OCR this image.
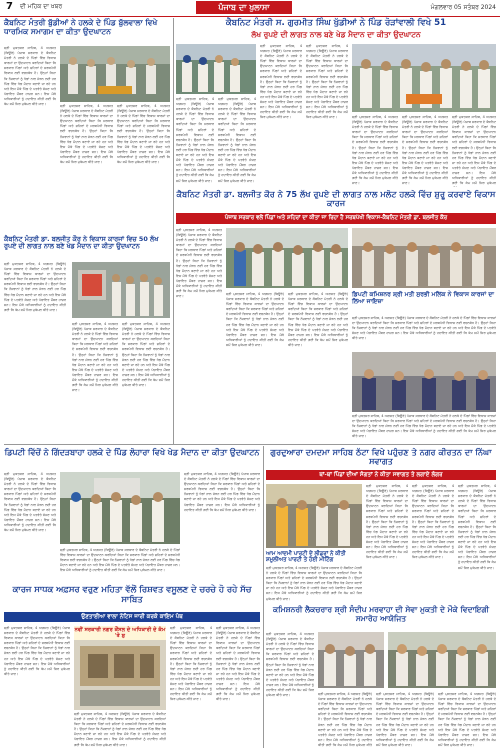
7 ਦੀ ਮਹਿਕ ਦਾ ਖ਼ਬਰ	ਪੰਜਾਬ ਦਾ ਖੁਲਾਸਾ	ਮੰਗਲਵਾਰ 05 ਸਤੰਬਰ 2024
ਕੈਬਨਿਟ ਮੰਤਰੀ ਬੁੱਡੀਆਂ ਨੇ ਹਲਕੇ ਦੇ ਪਿੰਡ ਬੁੱਲਵਾਲਾ ਵਿਖੇ ਧਾਰਮਿਕ ਸਮਾਗਮ ਦਾ ਕੀਤਾ ਉਦਘਾਟਨ
ਸ੍ਰੀ ਮੁਕਤਸਰ ਸਾਹਿਬ, 4 ਅਗਸਤ (ਬਿਊਰੋ) ਪੰਜਾਬ ਸਰਕਾਰ ਦੇ ਕੈਬਨਿਟ ਮੰਤਰੀ ਨੇ ਹਲਕੇ ਦੇ ਪਿੰਡਾਂ ਵਿੱਚ ਵਿਕਾਸ ਕਾਰਜਾਂ ਦਾ ਉਦਘਾਟਨ ਕਰਦਿਆਂ ਕਿਹਾ ਕਿ ਸਰਕਾਰ ਪਿੰਡਾਂ ਅਤੇ ਸ਼ਹਿਰਾਂ ਦੇ ਸਰਬਪੱਖੀ ਵਿਕਾਸ ਲਈ ਵਚਨਬੱਧ ਹੈ। ਉਨ੍ਹਾਂ ਕਿਹਾ ਕਿ ਨੌਜਵਾਨਾਂ ਨੂੰ ਖੇਡਾਂ ਨਾਲ ਜੋੜਨ ਲਈ ਹਰ ਪਿੰਡ ਵਿੱਚ ਖੇਡ ਮੈਦਾਨ ਬਣਾਏ ਜਾ ਰਹੇ ਹਨ ਅਤੇ ਇਸ ਮੌਕੇ ਪਿੰਡ ਦੇ ਪਤਵੰਤੇ ਸੱਜਣ ਅਤੇ ਪੰਚਾਇਤ ਮੈਂਬਰ ਹਾਜ਼ਰ ਸਨ। ਇਸ ਮੌਕੇ ਅਧਿਕਾਰੀਆਂ ਨੂੰ ਹਦਾਇਤ ਕੀਤੀ ਗਈ ਕਿ ਕੰਮ ਸਮੇਂ ਸਿਰ ਮੁਕੰਮਲ ਕੀਤੇ ਜਾਣ।	ਸ੍ਰੀ ਮੁਕਤਸਰ ਸਾਹਿਬ, 4 ਅਗਸਤ (ਬਿਊਰੋ) ਪੰਜਾਬ ਸਰਕਾਰ ਦੇ ਕੈਬਨਿਟ ਮੰਤਰੀ ਨੇ ਹਲਕੇ ਦੇ ਪਿੰਡਾਂ ਵਿੱਚ ਵਿਕਾਸ ਕਾਰਜਾਂ ਦਾ ਉਦਘਾਟਨ ਕਰਦਿਆਂ ਕਿਹਾ ਕਿ ਸਰਕਾਰ ਪਿੰਡਾਂ ਅਤੇ ਸ਼ਹਿਰਾਂ ਦੇ ਸਰਬਪੱਖੀ ਵਿਕਾਸ ਲਈ ਵਚਨਬੱਧ ਹੈ। ਉਨ੍ਹਾਂ ਕਿਹਾ ਕਿ ਨੌਜਵਾਨਾਂ ਨੂੰ ਖੇਡਾਂ ਨਾਲ ਜੋੜਨ ਲਈ ਹਰ ਪਿੰਡ ਵਿੱਚ ਖੇਡ ਮੈਦਾਨ ਬਣਾਏ ਜਾ ਰਹੇ ਹਨ ਅਤੇ ਇਸ ਮੌਕੇ ਪਿੰਡ ਦੇ ਪਤਵੰਤੇ ਸੱਜਣ ਅਤੇ ਪੰਚਾਇਤ ਮੈਂਬਰ ਹਾਜ਼ਰ ਸਨ। ਇਸ ਮੌਕੇ ਅਧਿਕਾਰੀਆਂ ਨੂੰ ਹਦਾਇਤ ਕੀਤੀ ਗਈ ਕਿ ਕੰਮ ਸਮੇਂ ਸਿਰ ਮੁਕੰਮਲ ਕੀਤੇ ਜਾਣ।
ਸ੍ਰੀ ਮੁਕਤਸਰ ਸਾਹਿਬ, 4 ਅਗਸਤ (ਬਿਊਰੋ) ਪੰਜਾਬ ਸਰਕਾਰ ਦੇ ਕੈਬਨਿਟ ਮੰਤਰੀ ਨੇ ਹਲਕੇ ਦੇ ਪਿੰਡਾਂ ਵਿੱਚ ਵਿਕਾਸ ਕਾਰਜਾਂ ਦਾ ਉਦਘਾਟਨ ਕਰਦਿਆਂ ਕਿਹਾ ਕਿ ਸਰਕਾਰ ਪਿੰਡਾਂ ਅਤੇ ਸ਼ਹਿਰਾਂ ਦੇ ਸਰਬਪੱਖੀ ਵਿਕਾਸ ਲਈ ਵਚਨਬੱਧ ਹੈ। ਉਨ੍ਹਾਂ ਕਿਹਾ ਕਿ ਨੌਜਵਾਨਾਂ ਨੂੰ ਖੇਡਾਂ ਨਾਲ ਜੋੜਨ ਲਈ ਹਰ ਪਿੰਡ ਵਿੱਚ ਖੇਡ ਮੈਦਾਨ ਬਣਾਏ ਜਾ ਰਹੇ ਹਨ ਅਤੇ ਇਸ ਮੌਕੇ ਪਿੰਡ ਦੇ ਪਤਵੰਤੇ ਸੱਜਣ ਅਤੇ ਪੰਚਾਇਤ ਮੈਂਬਰ ਹਾਜ਼ਰ ਸਨ। ਇਸ ਮੌਕੇ ਅਧਿਕਾਰੀਆਂ ਨੂੰ ਹਦਾਇਤ ਕੀਤੀ ਗਈ ਕਿ ਕੰਮ ਸਮੇਂ ਸਿਰ ਮੁਕੰਮਲ ਕੀਤੇ ਜਾਣ।
ਕੈਬਨਿਟ ਮੰਤਰੀ ਡਾ. ਬਲਜੀਤ ਕੌਰ ਨੇ ਵਿਕਾਸ ਕਾਰਜਾਂ ਵਿਚ 50 ਲੱਖ ਰੁਪਏ ਦੀ ਲਾਗਤ ਨਾਲ ਬਣੇ ਖੇਡ ਮੈਦਾਨ ਦਾ ਕੀਤਾ ਉਦਘਾਟਨ
ਸ੍ਰੀ ਮੁਕਤਸਰ ਸਾਹਿਬ, 4 ਅਗਸਤ (ਬਿਊਰੋ) ਪੰਜਾਬ ਸਰਕਾਰ ਦੇ ਕੈਬਨਿਟ ਮੰਤਰੀ ਨੇ ਹਲਕੇ ਦੇ ਪਿੰਡਾਂ ਵਿੱਚ ਵਿਕਾਸ ਕਾਰਜਾਂ ਦਾ ਉਦਘਾਟਨ ਕਰਦਿਆਂ ਕਿਹਾ ਕਿ ਸਰਕਾਰ ਪਿੰਡਾਂ ਅਤੇ ਸ਼ਹਿਰਾਂ ਦੇ ਸਰਬਪੱਖੀ ਵਿਕਾਸ ਲਈ ਵਚਨਬੱਧ ਹੈ। ਉਨ੍ਹਾਂ ਕਿਹਾ ਕਿ ਨੌਜਵਾਨਾਂ ਨੂੰ ਖੇਡਾਂ ਨਾਲ ਜੋੜਨ ਲਈ ਹਰ ਪਿੰਡ ਵਿੱਚ ਖੇਡ ਮੈਦਾਨ ਬਣਾਏ ਜਾ ਰਹੇ ਹਨ ਅਤੇ ਇਸ ਮੌਕੇ ਪਿੰਡ ਦੇ ਪਤਵੰਤੇ ਸੱਜਣ ਅਤੇ ਪੰਚਾਇਤ ਮੈਂਬਰ ਹਾਜ਼ਰ ਸਨ। ਇਸ ਮੌਕੇ ਅਧਿਕਾਰੀਆਂ ਨੂੰ ਹਦਾਇਤ ਕੀਤੀ ਗਈ ਕਿ ਕੰਮ ਸਮੇਂ ਸਿਰ ਮੁਕੰਮਲ ਕੀਤੇ ਜਾਣ।
ਸ੍ਰੀ ਮੁਕਤਸਰ ਸਾਹਿਬ, 4 ਅਗਸਤ (ਬਿਊਰੋ) ਪੰਜਾਬ ਸਰਕਾਰ ਦੇ ਕੈਬਨਿਟ ਮੰਤਰੀ ਨੇ ਹਲਕੇ ਦੇ ਪਿੰਡਾਂ ਵਿੱਚ ਵਿਕਾਸ ਕਾਰਜਾਂ ਦਾ ਉਦਘਾਟਨ ਕਰਦਿਆਂ ਕਿਹਾ ਕਿ ਸਰਕਾਰ ਪਿੰਡਾਂ ਅਤੇ ਸ਼ਹਿਰਾਂ ਦੇ ਸਰਬਪੱਖੀ ਵਿਕਾਸ ਲਈ ਵਚਨਬੱਧ ਹੈ। ਉਨ੍ਹਾਂ ਕਿਹਾ ਕਿ ਨੌਜਵਾਨਾਂ ਨੂੰ ਖੇਡਾਂ ਨਾਲ ਜੋੜਨ ਲਈ ਹਰ ਪਿੰਡ ਵਿੱਚ ਖੇਡ ਮੈਦਾਨ ਬਣਾਏ ਜਾ ਰਹੇ ਹਨ ਅਤੇ ਇਸ ਮੌਕੇ ਪਿੰਡ ਦੇ ਪਤਵੰਤੇ ਸੱਜਣ ਅਤੇ ਪੰਚਾਇਤ ਮੈਂਬਰ ਹਾਜ਼ਰ ਸਨ। ਇਸ ਮੌਕੇ ਅਧਿਕਾਰੀਆਂ ਨੂੰ ਹਦਾਇਤ ਕੀਤੀ ਗਈ ਕਿ ਕੰਮ ਸਮੇਂ ਸਿਰ ਮੁਕੰਮਲ ਕੀਤੇ ਜਾਣ।
ਸ੍ਰੀ ਮੁਕਤਸਰ ਸਾਹਿਬ, 4 ਅਗਸਤ (ਬਿਊਰੋ) ਪੰਜਾਬ ਸਰਕਾਰ ਦੇ ਕੈਬਨਿਟ ਮੰਤਰੀ ਨੇ ਹਲਕੇ ਦੇ ਪਿੰਡਾਂ ਵਿੱਚ ਵਿਕਾਸ ਕਾਰਜਾਂ ਦਾ ਉਦਘਾਟਨ ਕਰਦਿਆਂ ਕਿਹਾ ਕਿ ਸਰਕਾਰ ਪਿੰਡਾਂ ਅਤੇ ਸ਼ਹਿਰਾਂ ਦੇ ਸਰਬਪੱਖੀ ਵਿਕਾਸ ਲਈ ਵਚਨਬੱਧ ਹੈ। ਉਨ੍ਹਾਂ ਕਿਹਾ ਕਿ ਨੌਜਵਾਨਾਂ ਨੂੰ ਖੇਡਾਂ ਨਾਲ ਜੋੜਨ ਲਈ ਹਰ ਪਿੰਡ ਵਿੱਚ ਖੇਡ ਮੈਦਾਨ ਬਣਾਏ ਜਾ ਰਹੇ ਹਨ ਅਤੇ ਇਸ ਮੌਕੇ ਪਿੰਡ ਦੇ ਪਤਵੰਤੇ ਸੱਜਣ ਅਤੇ ਪੰਚਾਇਤ ਮੈਂਬਰ ਹਾਜ਼ਰ ਸਨ। ਇਸ ਮੌਕੇ ਅਧਿਕਾਰੀਆਂ ਨੂੰ ਹਦਾਇਤ ਕੀਤੀ ਗਈ ਕਿ ਕੰਮ ਸਮੇਂ ਸਿਰ ਮੁਕੰਮਲ ਕੀਤੇ ਜਾਣ।
ਕੈਬਨਿਟ ਮੰਤਰੀ ਸ. ਗੁਰਮੀਤ ਸਿੰਘ ਖੁੱਡੀਆਂ ਨੇ ਪਿੰਡ ਰੋੜਾਂਵਾਲੀ ਵਿਖੇ 51
ਲੱਖ ਰੁਪਏ ਦੀ ਲਾਗਤ ਨਾਲ ਬਣੇ ਖੇਡ ਮੈਦਾਨ ਦਾ ਕੀਤਾ ਉਦਘਾਟਨ
ਸ੍ਰੀ ਮੁਕਤਸਰ ਸਾਹਿਬ, 4 ਅਗਸਤ (ਬਿਊਰੋ) ਪੰਜਾਬ ਸਰਕਾਰ ਦੇ ਕੈਬਨਿਟ ਮੰਤਰੀ ਨੇ ਹਲਕੇ ਦੇ ਪਿੰਡਾਂ ਵਿੱਚ ਵਿਕਾਸ ਕਾਰਜਾਂ ਦਾ ਉਦਘਾਟਨ ਕਰਦਿਆਂ ਕਿਹਾ ਕਿ ਸਰਕਾਰ ਪਿੰਡਾਂ ਅਤੇ ਸ਼ਹਿਰਾਂ ਦੇ ਸਰਬਪੱਖੀ ਵਿਕਾਸ ਲਈ ਵਚਨਬੱਧ ਹੈ। ਉਨ੍ਹਾਂ ਕਿਹਾ ਕਿ ਨੌਜਵਾਨਾਂ ਨੂੰ ਖੇਡਾਂ ਨਾਲ ਜੋੜਨ ਲਈ ਹਰ ਪਿੰਡ ਵਿੱਚ ਖੇਡ ਮੈਦਾਨ ਬਣਾਏ ਜਾ ਰਹੇ ਹਨ ਅਤੇ ਇਸ ਮੌਕੇ ਪਿੰਡ ਦੇ ਪਤਵੰਤੇ ਸੱਜਣ ਅਤੇ ਪੰਚਾਇਤ ਮੈਂਬਰ ਹਾਜ਼ਰ ਸਨ। ਇਸ ਮੌਕੇ ਅਧਿਕਾਰੀਆਂ ਨੂੰ ਹਦਾਇਤ ਕੀਤੀ ਗਈ ਕਿ ਕੰਮ ਸਮੇਂ ਸਿਰ ਮੁਕੰਮਲ ਕੀਤੇ ਜਾਣ।
ਸ੍ਰੀ ਮੁਕਤਸਰ ਸਾਹਿਬ, 4 ਅਗਸਤ (ਬਿਊਰੋ) ਪੰਜਾਬ ਸਰਕਾਰ ਦੇ ਕੈਬਨਿਟ ਮੰਤਰੀ ਨੇ ਹਲਕੇ ਦੇ ਪਿੰਡਾਂ ਵਿੱਚ ਵਿਕਾਸ ਕਾਰਜਾਂ ਦਾ ਉਦਘਾਟਨ ਕਰਦਿਆਂ ਕਿਹਾ ਕਿ ਸਰਕਾਰ ਪਿੰਡਾਂ ਅਤੇ ਸ਼ਹਿਰਾਂ ਦੇ ਸਰਬਪੱਖੀ ਵਿਕਾਸ ਲਈ ਵਚਨਬੱਧ ਹੈ। ਉਨ੍ਹਾਂ ਕਿਹਾ ਕਿ ਨੌਜਵਾਨਾਂ ਨੂੰ ਖੇਡਾਂ ਨਾਲ ਜੋੜਨ ਲਈ ਹਰ ਪਿੰਡ ਵਿੱਚ ਖੇਡ ਮੈਦਾਨ ਬਣਾਏ ਜਾ ਰਹੇ ਹਨ ਅਤੇ ਇਸ ਮੌਕੇ ਪਿੰਡ ਦੇ ਪਤਵੰਤੇ ਸੱਜਣ ਅਤੇ ਪੰਚਾਇਤ ਮੈਂਬਰ ਹਾਜ਼ਰ ਸਨ। ਇਸ ਮੌਕੇ ਅਧਿਕਾਰੀਆਂ ਨੂੰ ਹਦਾਇਤ ਕੀਤੀ ਗਈ ਕਿ ਕੰਮ ਸਮੇਂ ਸਿਰ ਮੁਕੰਮਲ ਕੀਤੇ ਜਾਣ।
ਸ੍ਰੀ ਮੁਕਤਸਰ ਸਾਹਿਬ, 4 ਅਗਸਤ (ਬਿਊਰੋ) ਪੰਜਾਬ ਸਰਕਾਰ ਦੇ ਕੈਬਨਿਟ ਮੰਤਰੀ ਨੇ ਹਲਕੇ ਦੇ ਪਿੰਡਾਂ ਵਿੱਚ ਵਿਕਾਸ ਕਾਰਜਾਂ ਦਾ ਉਦਘਾਟਨ ਕਰਦਿਆਂ ਕਿਹਾ ਕਿ ਸਰਕਾਰ ਪਿੰਡਾਂ ਅਤੇ ਸ਼ਹਿਰਾਂ ਦੇ ਸਰਬਪੱਖੀ ਵਿਕਾਸ ਲਈ ਵਚਨਬੱਧ ਹੈ। ਉਨ੍ਹਾਂ ਕਿਹਾ ਕਿ ਨੌਜਵਾਨਾਂ ਨੂੰ ਖੇਡਾਂ ਨਾਲ ਜੋੜਨ ਲਈ ਹਰ ਪਿੰਡ ਵਿੱਚ ਖੇਡ ਮੈਦਾਨ ਬਣਾਏ ਜਾ ਰਹੇ ਹਨ ਅਤੇ ਇਸ ਮੌਕੇ ਪਿੰਡ ਦੇ ਪਤਵੰਤੇ ਸੱਜਣ ਅਤੇ ਪੰਚਾਇਤ ਮੈਂਬਰ ਹਾਜ਼ਰ ਸਨ। ਇਸ ਮੌਕੇ ਅਧਿਕਾਰੀਆਂ ਨੂੰ ਹਦਾਇਤ ਕੀਤੀ ਗਈ ਕਿ ਕੰਮ ਸਮੇਂ ਸਿਰ ਮੁਕੰਮਲ ਕੀਤੇ ਜਾਣ।
ਸ੍ਰੀ ਮੁਕਤਸਰ ਸਾਹਿਬ, 4 ਅਗਸਤ (ਬਿਊਰੋ) ਪੰਜਾਬ ਸਰਕਾਰ ਦੇ ਕੈਬਨਿਟ ਮੰਤਰੀ ਨੇ ਹਲਕੇ ਦੇ ਪਿੰਡਾਂ ਵਿੱਚ ਵਿਕਾਸ ਕਾਰਜਾਂ ਦਾ ਉਦਘਾਟਨ ਕਰਦਿਆਂ ਕਿਹਾ ਕਿ ਸਰਕਾਰ ਪਿੰਡਾਂ ਅਤੇ ਸ਼ਹਿਰਾਂ ਦੇ ਸਰਬਪੱਖੀ ਵਿਕਾਸ ਲਈ ਵਚਨਬੱਧ ਹੈ। ਉਨ੍ਹਾਂ ਕਿਹਾ ਕਿ ਨੌਜਵਾਨਾਂ ਨੂੰ ਖੇਡਾਂ ਨਾਲ ਜੋੜਨ ਲਈ ਹਰ ਪਿੰਡ ਵਿੱਚ ਖੇਡ ਮੈਦਾਨ ਬਣਾਏ ਜਾ ਰਹੇ ਹਨ ਅਤੇ ਇਸ ਮੌਕੇ ਪਿੰਡ ਦੇ ਪਤਵੰਤੇ ਸੱਜਣ ਅਤੇ ਪੰਚਾਇਤ ਮੈਂਬਰ ਹਾਜ਼ਰ ਸਨ। ਇਸ ਮੌਕੇ ਅਧਿਕਾਰੀਆਂ ਨੂੰ ਹਦਾਇਤ ਕੀਤੀ ਗਈ ਕਿ ਕੰਮ ਸਮੇਂ ਸਿਰ ਮੁਕੰਮਲ ਕੀਤੇ ਜਾਣ।	ਸ੍ਰੀ ਮੁਕਤਸਰ ਸਾਹਿਬ, 4 ਅਗਸਤ (ਬਿਊਰੋ) ਪੰਜਾਬ ਸਰਕਾਰ ਦੇ ਕੈਬਨਿਟ ਮੰਤਰੀ ਨੇ ਹਲਕੇ ਦੇ ਪਿੰਡਾਂ ਵਿੱਚ ਵਿਕਾਸ ਕਾਰਜਾਂ ਦਾ ਉਦਘਾਟਨ ਕਰਦਿਆਂ ਕਿਹਾ ਕਿ ਸਰਕਾਰ ਪਿੰਡਾਂ ਅਤੇ ਸ਼ਹਿਰਾਂ ਦੇ ਸਰਬਪੱਖੀ ਵਿਕਾਸ ਲਈ ਵਚਨਬੱਧ ਹੈ। ਉਨ੍ਹਾਂ ਕਿਹਾ ਕਿ ਨੌਜਵਾਨਾਂ ਨੂੰ ਖੇਡਾਂ ਨਾਲ ਜੋੜਨ ਲਈ ਹਰ ਪਿੰਡ ਵਿੱਚ ਖੇਡ ਮੈਦਾਨ ਬਣਾਏ ਜਾ ਰਹੇ ਹਨ ਅਤੇ ਇਸ ਮੌਕੇ ਪਿੰਡ ਦੇ ਪਤਵੰਤੇ ਸੱਜਣ ਅਤੇ ਪੰਚਾਇਤ ਮੈਂਬਰ ਹਾਜ਼ਰ ਸਨ। ਇਸ ਮੌਕੇ ਅਧਿਕਾਰੀਆਂ ਨੂੰ ਹਦਾਇਤ ਕੀਤੀ ਗਈ ਕਿ ਕੰਮ ਸਮੇਂ ਸਿਰ ਮੁਕੰਮਲ ਕੀਤੇ ਜਾਣ।
ਸ੍ਰੀ ਮੁਕਤਸਰ ਸਾਹਿਬ, 4 ਅਗਸਤ (ਬਿਊਰੋ) ਪੰਜਾਬ ਸਰਕਾਰ ਦੇ ਕੈਬਨਿਟ ਮੰਤਰੀ ਨੇ ਹਲਕੇ ਦੇ ਪਿੰਡਾਂ ਵਿੱਚ ਵਿਕਾਸ ਕਾਰਜਾਂ ਦਾ ਉਦਘਾਟਨ ਕਰਦਿਆਂ ਕਿਹਾ ਕਿ ਸਰਕਾਰ ਪਿੰਡਾਂ ਅਤੇ ਸ਼ਹਿਰਾਂ ਦੇ ਸਰਬਪੱਖੀ ਵਿਕਾਸ ਲਈ ਵਚਨਬੱਧ ਹੈ। ਉਨ੍ਹਾਂ ਕਿਹਾ ਕਿ ਨੌਜਵਾਨਾਂ ਨੂੰ ਖੇਡਾਂ ਨਾਲ ਜੋੜਨ ਲਈ ਹਰ ਪਿੰਡ ਵਿੱਚ ਖੇਡ ਮੈਦਾਨ ਬਣਾਏ ਜਾ ਰਹੇ ਹਨ ਅਤੇ ਇਸ ਮੌਕੇ ਪਿੰਡ ਦੇ ਪਤਵੰਤੇ ਸੱਜਣ ਅਤੇ ਪੰਚਾਇਤ ਮੈਂਬਰ ਹਾਜ਼ਰ ਸਨ। ਇਸ ਮੌਕੇ ਅਧਿਕਾਰੀਆਂ ਨੂੰ ਹਦਾਇਤ ਕੀਤੀ ਗਈ ਕਿ ਕੰਮ ਸਮੇਂ ਸਿਰ ਮੁਕੰਮਲ ਕੀਤੇ ਜਾਣ।
ਸ੍ਰੀ ਮੁਕਤਸਰ ਸਾਹਿਬ, 4 ਅਗਸਤ (ਬਿਊਰੋ) ਪੰਜਾਬ ਸਰਕਾਰ ਦੇ ਕੈਬਨਿਟ ਮੰਤਰੀ ਨੇ ਹਲਕੇ ਦੇ ਪਿੰਡਾਂ ਵਿੱਚ ਵਿਕਾਸ ਕਾਰਜਾਂ ਦਾ ਉਦਘਾਟਨ ਕਰਦਿਆਂ ਕਿਹਾ ਕਿ ਸਰਕਾਰ ਪਿੰਡਾਂ ਅਤੇ ਸ਼ਹਿਰਾਂ ਦੇ ਸਰਬਪੱਖੀ ਵਿਕਾਸ ਲਈ ਵਚਨਬੱਧ ਹੈ। ਉਨ੍ਹਾਂ ਕਿਹਾ ਕਿ ਨੌਜਵਾਨਾਂ ਨੂੰ ਖੇਡਾਂ ਨਾਲ ਜੋੜਨ ਲਈ ਹਰ ਪਿੰਡ ਵਿੱਚ ਖੇਡ ਮੈਦਾਨ ਬਣਾਏ ਜਾ ਰਹੇ ਹਨ ਅਤੇ ਇਸ ਮੌਕੇ ਪਿੰਡ ਦੇ ਪਤਵੰਤੇ ਸੱਜਣ ਅਤੇ ਪੰਚਾਇਤ ਮੈਂਬਰ ਹਾਜ਼ਰ ਸਨ। ਇਸ ਮੌਕੇ ਅਧਿਕਾਰੀਆਂ ਨੂੰ ਹਦਾਇਤ ਕੀਤੀ ਗਈ ਕਿ ਕੰਮ ਸਮੇਂ ਸਿਰ ਮੁਕੰਮਲ
ਕੈਬਨਿਟ ਮੰਤਰੀ ਡਾ. ਬਲਜੀਤ ਕੌਰ ਨੇ 75 ਲੱਖ ਰੁਪਏ ਦੀ ਲਾਗਤ ਨਾਲ ਮਲੋਟ ਹਲਕੇ ਵਿੱਚ ਸ਼ੁਰੂ ਕਰਵਾਏ ਵਿਕਾਸ ਕਾਰਜ
ਪੰਜਾਬ ਸਰਕਾਰ ਵਲੋਂ ਪਿੰਡਾਂ ਅਤੇ ਸ਼ਹਿਰਾਂ ਦਾ ਕੀਤਾ ਜਾ ਰਿਹਾ ਹੈ ਸਰਬਪੱਖੀ ਵਿਕਾਸ-ਕੈਬਨਿਟ ਮੰਤਰੀ ਡਾ. ਬਲਜੀਤ ਕੌਰ
ਸ੍ਰੀ ਮੁਕਤਸਰ ਸਾਹਿਬ, 4 ਅਗਸਤ (ਬਿਊਰੋ) ਪੰਜਾਬ ਸਰਕਾਰ ਦੇ ਕੈਬਨਿਟ ਮੰਤਰੀ ਨੇ ਹਲਕੇ ਦੇ ਪਿੰਡਾਂ ਵਿੱਚ ਵਿਕਾਸ ਕਾਰਜਾਂ ਦਾ ਉਦਘਾਟਨ ਕਰਦਿਆਂ ਕਿਹਾ ਕਿ ਸਰਕਾਰ ਪਿੰਡਾਂ ਅਤੇ ਸ਼ਹਿਰਾਂ ਦੇ ਸਰਬਪੱਖੀ ਵਿਕਾਸ ਲਈ ਵਚਨਬੱਧ ਹੈ। ਉਨ੍ਹਾਂ ਕਿਹਾ ਕਿ ਨੌਜਵਾਨਾਂ ਨੂੰ ਖੇਡਾਂ ਨਾਲ ਜੋੜਨ ਲਈ ਹਰ ਪਿੰਡ ਵਿੱਚ ਖੇਡ ਮੈਦਾਨ ਬਣਾਏ ਜਾ ਰਹੇ ਹਨ ਅਤੇ ਇਸ ਮੌਕੇ ਪਿੰਡ ਦੇ ਪਤਵੰਤੇ ਸੱਜਣ ਅਤੇ ਪੰਚਾਇਤ ਮੈਂਬਰ ਹਾਜ਼ਰ ਸਨ। ਇਸ ਮੌਕੇ ਅਧਿਕਾਰੀਆਂ ਨੂੰ ਹਦਾਇਤ ਕੀਤੀ ਗਈ ਕਿ ਕੰਮ ਸਮੇਂ ਸਿਰ ਮੁਕੰਮਲ ਕੀਤੇ ਜਾਣ।
ਸ੍ਰੀ ਮੁਕਤਸਰ ਸਾਹਿਬ, 4 ਅਗਸਤ (ਬਿਊਰੋ) ਪੰਜਾਬ ਸਰਕਾਰ ਦੇ ਕੈਬਨਿਟ ਮੰਤਰੀ ਨੇ ਹਲਕੇ ਦੇ ਪਿੰਡਾਂ ਵਿੱਚ ਵਿਕਾਸ ਕਾਰਜਾਂ ਦਾ ਉਦਘਾਟਨ ਕਰਦਿਆਂ ਕਿਹਾ ਕਿ ਸਰਕਾਰ ਪਿੰਡਾਂ ਅਤੇ ਸ਼ਹਿਰਾਂ ਦੇ ਸਰਬਪੱਖੀ ਵਿਕਾਸ ਲਈ ਵਚਨਬੱਧ ਹੈ। ਉਨ੍ਹਾਂ ਕਿਹਾ ਕਿ ਨੌਜਵਾਨਾਂ ਨੂੰ ਖੇਡਾਂ ਨਾਲ ਜੋੜਨ ਲਈ ਹਰ ਪਿੰਡ ਵਿੱਚ ਖੇਡ ਮੈਦਾਨ ਬਣਾਏ ਜਾ ਰਹੇ ਹਨ ਅਤੇ ਇਸ ਮੌਕੇ ਪਿੰਡ ਦੇ ਪਤਵੰਤੇ ਸੱਜਣ ਅਤੇ ਪੰਚਾਇਤ ਮੈਂਬਰ ਹਾਜ਼ਰ ਸਨ। ਇਸ ਮੌਕੇ ਅਧਿਕਾਰੀਆਂ ਨੂੰ ਹਦਾਇਤ ਕੀਤੀ ਗਈ ਕਿ ਕੰਮ ਸਮੇਂ ਸਿਰ ਮੁਕੰਮਲ ਕੀਤੇ ਜਾਣ।
ਸ੍ਰੀ ਮੁਕਤਸਰ ਸਾਹਿਬ, 4 ਅਗਸਤ (ਬਿਊਰੋ) ਪੰਜਾਬ ਸਰਕਾਰ ਦੇ ਕੈਬਨਿਟ ਮੰਤਰੀ ਨੇ ਹਲਕੇ ਦੇ ਪਿੰਡਾਂ ਵਿੱਚ ਵਿਕਾਸ ਕਾਰਜਾਂ ਦਾ ਉਦਘਾਟਨ ਕਰਦਿਆਂ ਕਿਹਾ ਕਿ ਸਰਕਾਰ ਪਿੰਡਾਂ ਅਤੇ ਸ਼ਹਿਰਾਂ ਦੇ ਸਰਬਪੱਖੀ ਵਿਕਾਸ ਲਈ ਵਚਨਬੱਧ ਹੈ। ਉਨ੍ਹਾਂ ਕਿਹਾ ਕਿ ਨੌਜਵਾਨਾਂ ਨੂੰ ਖੇਡਾਂ ਨਾਲ ਜੋੜਨ ਲਈ ਹਰ ਪਿੰਡ ਵਿੱਚ ਖੇਡ ਮੈਦਾਨ ਬਣਾਏ ਜਾ ਰਹੇ ਹਨ ਅਤੇ ਇਸ ਮੌਕੇ ਪਿੰਡ ਦੇ ਪਤਵੰਤੇ ਸੱਜਣ ਅਤੇ ਪੰਚਾਇਤ ਮੈਂਬਰ ਹਾਜ਼ਰ ਸਨ। ਇਸ ਮੌਕੇ ਅਧਿਕਾਰੀਆਂ ਨੂੰ ਹਦਾਇਤ ਕੀਤੀ ਗਈ ਕਿ ਕੰਮ ਸਮੇਂ ਸਿਰ ਮੁਕੰਮਲ ਕੀਤੇ ਜਾਣ।
ਡਿਪਟੀ ਕਮਿਸ਼ਨਰ ਸ਼੍ਰੀ ਮਤੀ ਸੁਰਭੀ ਮਲਿਕ ਨੇ ਵਿਕਾਸ ਕਾਰਜਾਂ ਦਾ ਲਿਆ ਜਾਇਜ਼ਾ
ਸ੍ਰੀ ਮੁਕਤਸਰ ਸਾਹਿਬ, 4 ਅਗਸਤ (ਬਿਊਰੋ) ਪੰਜਾਬ ਸਰਕਾਰ ਦੇ ਕੈਬਨਿਟ ਮੰਤਰੀ ਨੇ ਹਲਕੇ ਦੇ ਪਿੰਡਾਂ ਵਿੱਚ ਵਿਕਾਸ ਕਾਰਜਾਂ ਦਾ ਉਦਘਾਟਨ ਕਰਦਿਆਂ ਕਿਹਾ ਕਿ ਸਰਕਾਰ ਪਿੰਡਾਂ ਅਤੇ ਸ਼ਹਿਰਾਂ ਦੇ ਸਰਬਪੱਖੀ ਵਿਕਾਸ ਲਈ ਵਚਨਬੱਧ ਹੈ। ਉਨ੍ਹਾਂ ਕਿਹਾ ਕਿ ਨੌਜਵਾਨਾਂ ਨੂੰ ਖੇਡਾਂ ਨਾਲ ਜੋੜਨ ਲਈ ਹਰ ਪਿੰਡ ਵਿੱਚ ਖੇਡ ਮੈਦਾਨ ਬਣਾਏ ਜਾ ਰਹੇ ਹਨ ਅਤੇ ਇਸ ਮੌਕੇ ਪਿੰਡ ਦੇ ਪਤਵੰਤੇ ਸੱਜਣ ਅਤੇ ਪੰਚਾਇਤ ਮੈਂਬਰ ਹਾਜ਼ਰ ਸਨ। ਇਸ ਮੌਕੇ ਅਧਿਕਾਰੀਆਂ ਨੂੰ ਹਦਾਇਤ ਕੀਤੀ ਗਈ ਕਿ ਕੰਮ ਸਮੇਂ ਸਿਰ ਮੁਕੰਮਲ ਕੀਤੇ ਜਾਣ।
ਸ੍ਰੀ ਮੁਕਤਸਰ ਸਾਹਿਬ, 4 ਅਗਸਤ (ਬਿਊਰੋ) ਪੰਜਾਬ ਸਰਕਾਰ ਦੇ ਕੈਬਨਿਟ ਮੰਤਰੀ ਨੇ ਹਲਕੇ ਦੇ ਪਿੰਡਾਂ ਵਿੱਚ ਵਿਕਾਸ ਕਾਰਜਾਂ ਦਾ ਉਦਘਾਟਨ ਕਰਦਿਆਂ ਕਿਹਾ ਕਿ ਸਰਕਾਰ ਪਿੰਡਾਂ ਅਤੇ ਸ਼ਹਿਰਾਂ ਦੇ ਸਰਬਪੱਖੀ ਵਿਕਾਸ ਲਈ ਵਚਨਬੱਧ ਹੈ। ਉਨ੍ਹਾਂ ਕਿਹਾ ਕਿ ਨੌਜਵਾਨਾਂ ਨੂੰ ਖੇਡਾਂ ਨਾਲ ਜੋੜਨ ਲਈ ਹਰ ਪਿੰਡ ਵਿੱਚ ਖੇਡ ਮੈਦਾਨ ਬਣਾਏ ਜਾ ਰਹੇ ਹਨ ਅਤੇ ਇਸ ਮੌਕੇ ਪਿੰਡ ਦੇ ਪਤਵੰਤੇ ਸੱਜਣ ਅਤੇ ਪੰਚਾਇਤ ਮੈਂਬਰ ਹਾਜ਼ਰ ਸਨ। ਇਸ ਮੌਕੇ ਅਧਿਕਾਰੀਆਂ ਨੂੰ ਹਦਾਇਤ ਕੀਤੀ ਗਈ ਕਿ ਕੰਮ ਸਮੇਂ ਸਿਰ ਮੁਕੰਮਲ ਕੀਤੇ ਜਾਣ।
ਡਿਪਟੀ ਵਿੱਚੋਂ ਨੇ ਗਿੱਦੜਬਾਹਾ ਹਲਕੇ ਦੇ ਪਿੰਡ ਲੋਹਾਰਾ ਵਿਖੇ ਖੇਡ ਮੈਦਾਨ ਦਾ ਕੀਤਾ ਉਦਘਾਟਨ
ਸ੍ਰੀ ਮੁਕਤਸਰ ਸਾਹਿਬ, 4 ਅਗਸਤ (ਬਿਊਰੋ) ਪੰਜਾਬ ਸਰਕਾਰ ਦੇ ਕੈਬਨਿਟ ਮੰਤਰੀ ਨੇ ਹਲਕੇ ਦੇ ਪਿੰਡਾਂ ਵਿੱਚ ਵਿਕਾਸ ਕਾਰਜਾਂ ਦਾ ਉਦਘਾਟਨ ਕਰਦਿਆਂ ਕਿਹਾ ਕਿ ਸਰਕਾਰ ਪਿੰਡਾਂ ਅਤੇ ਸ਼ਹਿਰਾਂ ਦੇ ਸਰਬਪੱਖੀ ਵਿਕਾਸ ਲਈ ਵਚਨਬੱਧ ਹੈ। ਉਨ੍ਹਾਂ ਕਿਹਾ ਕਿ ਨੌਜਵਾਨਾਂ ਨੂੰ ਖੇਡਾਂ ਨਾਲ ਜੋੜਨ ਲਈ ਹਰ ਪਿੰਡ ਵਿੱਚ ਖੇਡ ਮੈਦਾਨ ਬਣਾਏ ਜਾ ਰਹੇ ਹਨ ਅਤੇ ਇਸ ਮੌਕੇ ਪਿੰਡ ਦੇ ਪਤਵੰਤੇ ਸੱਜਣ ਅਤੇ ਪੰਚਾਇਤ ਮੈਂਬਰ ਹਾਜ਼ਰ ਸਨ। ਇਸ ਮੌਕੇ ਅਧਿਕਾਰੀਆਂ ਨੂੰ ਹਦਾਇਤ ਕੀਤੀ ਗਈ ਕਿ ਕੰਮ ਸਮੇਂ ਸਿਰ ਮੁਕੰਮਲ ਕੀਤੇ ਜਾਣ।
ਸ੍ਰੀ ਮੁਕਤਸਰ ਸਾਹਿਬ, 4 ਅਗਸਤ (ਬਿਊਰੋ) ਪੰਜਾਬ ਸਰਕਾਰ ਦੇ ਕੈਬਨਿਟ ਮੰਤਰੀ ਨੇ ਹਲਕੇ ਦੇ ਪਿੰਡਾਂ ਵਿੱਚ ਵਿਕਾਸ ਕਾਰਜਾਂ ਦਾ ਉਦਘਾਟਨ ਕਰਦਿਆਂ ਕਿਹਾ ਕਿ ਸਰਕਾਰ ਪਿੰਡਾਂ ਅਤੇ ਸ਼ਹਿਰਾਂ ਦੇ ਸਰਬਪੱਖੀ ਵਿਕਾਸ ਲਈ ਵਚਨਬੱਧ ਹੈ। ਉਨ੍ਹਾਂ ਕਿਹਾ ਕਿ ਨੌਜਵਾਨਾਂ ਨੂੰ ਖੇਡਾਂ ਨਾਲ ਜੋੜਨ ਲਈ ਹਰ ਪਿੰਡ ਵਿੱਚ ਖੇਡ ਮੈਦਾਨ ਬਣਾਏ ਜਾ ਰਹੇ ਹਨ ਅਤੇ ਇਸ ਮੌਕੇ ਪਿੰਡ ਦੇ ਪਤਵੰਤੇ ਸੱਜਣ ਅਤੇ ਪੰਚਾਇਤ ਮੈਂਬਰ ਹਾਜ਼ਰ ਸਨ। ਇਸ ਮੌਕੇ ਅਧਿਕਾਰੀਆਂ ਨੂੰ ਹਦਾਇਤ ਕੀਤੀ ਗਈ ਕਿ ਕੰਮ ਸਮੇਂ ਸਿਰ ਮੁਕੰਮਲ ਕੀਤੇ ਜਾਣ।
ਸ੍ਰੀ ਮੁਕਤਸਰ ਸਾਹਿਬ, 4 ਅਗਸਤ (ਬਿਊਰੋ) ਪੰਜਾਬ ਸਰਕਾਰ ਦੇ ਕੈਬਨਿਟ ਮੰਤਰੀ ਨੇ ਹਲਕੇ ਦੇ ਪਿੰਡਾਂ ਵਿੱਚ ਵਿਕਾਸ ਕਾਰਜਾਂ ਦਾ ਉਦਘਾਟਨ ਕਰਦਿਆਂ ਕਿਹਾ ਕਿ ਸਰਕਾਰ ਪਿੰਡਾਂ ਅਤੇ ਸ਼ਹਿਰਾਂ ਦੇ ਸਰਬਪੱਖੀ ਵਿਕਾਸ ਲਈ ਵਚਨਬੱਧ ਹੈ। ਉਨ੍ਹਾਂ ਕਿਹਾ ਕਿ ਨੌਜਵਾਨਾਂ ਨੂੰ ਖੇਡਾਂ ਨਾਲ ਜੋੜਨ ਲਈ ਹਰ ਪਿੰਡ ਵਿੱਚ ਖੇਡ ਮੈਦਾਨ ਬਣਾਏ ਜਾ ਰਹੇ ਹਨ ਅਤੇ ਇਸ ਮੌਕੇ ਪਿੰਡ ਦੇ ਪਤਵੰਤੇ ਸੱਜਣ ਅਤੇ ਪੰਚਾਇਤ ਮੈਂਬਰ ਹਾਜ਼ਰ ਸਨ। ਇਸ ਮੌਕੇ ਅਧਿਕਾਰੀਆਂ ਨੂੰ ਹਦਾਇਤ ਕੀਤੀ ਗਈ ਕਿ ਕੰਮ ਸਮੇਂ ਸਿਰ ਮੁਕੰਮਲ ਕੀਤੇ ਜਾਣ।
ਕਾਰਜ ਸਾਧਕ ਅਫ਼ਸਰ ਵਰੁਣ ਮਹਿਤਾ ਵੱਲੋਂ ਰਿਸ਼ਵਤ ਵਸੂਲਣ ਦੇ ਚਰਚੇ ਹੋ ਰਹੇ ਸੱਚ ਸਾਬਿਤ
ਉਣਤਾਈਆ ਵਾਲਾ ਨੋਟਿਸ ਜਾਰੀ ਕਰਕੇ ਕਾਇਮ ਪੰਥ
ਸ੍ਰੀ ਮੁਕਤਸਰ ਸਾਹਿਬ, 4 ਅਗਸਤ (ਬਿਊਰੋ) ਪੰਜਾਬ ਸਰਕਾਰ ਦੇ ਕੈਬਨਿਟ ਮੰਤਰੀ ਨੇ ਹਲਕੇ ਦੇ ਪਿੰਡਾਂ ਵਿੱਚ ਵਿਕਾਸ ਕਾਰਜਾਂ ਦਾ ਉਦਘਾਟਨ ਕਰਦਿਆਂ ਕਿਹਾ ਕਿ ਸਰਕਾਰ ਪਿੰਡਾਂ ਅਤੇ ਸ਼ਹਿਰਾਂ ਦੇ ਸਰਬਪੱਖੀ ਵਿਕਾਸ ਲਈ ਵਚਨਬੱਧ ਹੈ। ਉਨ੍ਹਾਂ ਕਿਹਾ ਕਿ ਨੌਜਵਾਨਾਂ ਨੂੰ ਖੇਡਾਂ ਨਾਲ ਜੋੜਨ ਲਈ ਹਰ ਪਿੰਡ ਵਿੱਚ ਖੇਡ ਮੈਦਾਨ ਬਣਾਏ ਜਾ ਰਹੇ ਹਨ ਅਤੇ ਇਸ ਮੌਕੇ ਪਿੰਡ ਦੇ ਪਤਵੰਤੇ ਸੱਜਣ ਅਤੇ ਪੰਚਾਇਤ ਮੈਂਬਰ ਹਾਜ਼ਰ ਸਨ। ਇਸ ਮੌਕੇ ਅਧਿਕਾਰੀਆਂ ਨੂੰ ਹਦਾਇਤ ਕੀਤੀ ਗਈ ਕਿ ਕੰਮ ਸਮੇਂ ਸਿਰ ਮੁਕੰਮਲ ਕੀਤੇ ਜਾਣ।
ਨਵੀਂ ਸਰਕਾਰੀ ਨਗਰ ਕੌਂਸਲ ਦੇ ਅਧਿਕਾਰੀ ਦੇ ਕੰਮ 'ਤੇ ਸ਼ੁ
ਸ੍ਰੀ ਮੁਕਤਸਰ ਸਾਹਿਬ, 4 ਅਗਸਤ (ਬਿਊਰੋ) ਪੰਜਾਬ ਸਰਕਾਰ ਦੇ ਕੈਬਨਿਟ ਮੰਤਰੀ ਨੇ ਹਲਕੇ ਦੇ ਪਿੰਡਾਂ ਵਿੱਚ ਵਿਕਾਸ ਕਾਰਜਾਂ ਦਾ ਉਦਘਾਟਨ ਕਰਦਿਆਂ ਕਿਹਾ ਕਿ ਸਰਕਾਰ ਪਿੰਡਾਂ ਅਤੇ ਸ਼ਹਿਰਾਂ ਦੇ ਸਰਬਪੱਖੀ ਵਿਕਾਸ ਲਈ ਵਚਨਬੱਧ ਹੈ। ਉਨ੍ਹਾਂ ਕਿਹਾ ਕਿ ਨੌਜਵਾਨਾਂ ਨੂੰ ਖੇਡਾਂ ਨਾਲ ਜੋੜਨ ਲਈ ਹਰ ਪਿੰਡ ਵਿੱਚ ਖੇਡ ਮੈਦਾਨ ਬਣਾਏ ਜਾ ਰਹੇ ਹਨ ਅਤੇ ਇਸ ਮੌਕੇ ਪਿੰਡ ਦੇ ਪਤਵੰਤੇ ਸੱਜਣ ਅਤੇ ਪੰਚਾਇਤ ਮੈਂਬਰ ਹਾਜ਼ਰ ਸਨ। ਇਸ ਮੌਕੇ ਅਧਿਕਾਰੀਆਂ ਨੂੰ ਹਦਾਇਤ ਕੀਤੀ ਗਈ ਕਿ ਕੰਮ ਸਮੇਂ ਸਿਰ ਮੁਕੰਮਲ ਕੀਤੇ ਜਾਣ।
ਸ੍ਰੀ ਮੁਕਤਸਰ ਸਾਹਿਬ, 4 ਅਗਸਤ (ਬਿਊਰੋ) ਪੰਜਾਬ ਸਰਕਾਰ ਦੇ ਕੈਬਨਿਟ ਮੰਤਰੀ ਨੇ ਹਲਕੇ ਦੇ ਪਿੰਡਾਂ ਵਿੱਚ ਵਿਕਾਸ ਕਾਰਜਾਂ ਦਾ ਉਦਘਾਟਨ ਕਰਦਿਆਂ ਕਿਹਾ ਕਿ ਸਰਕਾਰ ਪਿੰਡਾਂ ਅਤੇ ਸ਼ਹਿਰਾਂ ਦੇ ਸਰਬਪੱਖੀ ਵਿਕਾਸ ਲਈ ਵਚਨਬੱਧ ਹੈ। ਉਨ੍ਹਾਂ ਕਿਹਾ ਕਿ ਨੌਜਵਾਨਾਂ ਨੂੰ ਖੇਡਾਂ ਨਾਲ ਜੋੜਨ ਲਈ ਹਰ ਪਿੰਡ ਵਿੱਚ ਖੇਡ ਮੈਦਾਨ ਬਣਾਏ ਜਾ ਰਹੇ ਹਨ ਅਤੇ ਇਸ ਮੌਕੇ ਪਿੰਡ ਦੇ ਪਤਵੰਤੇ ਸੱਜਣ ਅਤੇ ਪੰਚਾਇਤ ਮੈਂਬਰ ਹਾਜ਼ਰ ਸਨ। ਇਸ ਮੌਕੇ ਅਧਿਕਾਰੀਆਂ ਨੂੰ ਹਦਾਇਤ ਕੀਤੀ ਗਈ ਕਿ ਕੰਮ ਸਮੇਂ ਸਿਰ ਮੁਕੰਮਲ ਕੀਤੇ ਜਾਣ।
ਸ੍ਰੀ ਮੁਕਤਸਰ ਸਾਹਿਬ, 4 ਅਗਸਤ (ਬਿਊਰੋ) ਪੰਜਾਬ ਸਰਕਾਰ ਦੇ ਕੈਬਨਿਟ ਮੰਤਰੀ ਨੇ ਹਲਕੇ ਦੇ ਪਿੰਡਾਂ ਵਿੱਚ ਵਿਕਾਸ ਕਾਰਜਾਂ ਦਾ ਉਦਘਾਟਨ ਕਰਦਿਆਂ ਕਿਹਾ ਕਿ ਸਰਕਾਰ ਪਿੰਡਾਂ ਅਤੇ ਸ਼ਹਿਰਾਂ ਦੇ ਸਰਬਪੱਖੀ ਵਿਕਾਸ ਲਈ ਵਚਨਬੱਧ ਹੈ। ਉਨ੍ਹਾਂ ਕਿਹਾ ਕਿ ਨੌਜਵਾਨਾਂ ਨੂੰ ਖੇਡਾਂ ਨਾਲ ਜੋੜਨ ਲਈ ਹਰ ਪਿੰਡ ਵਿੱਚ ਖੇਡ ਮੈਦਾਨ ਬਣਾਏ ਜਾ ਰਹੇ ਹਨ ਅਤੇ ਇਸ ਮੌਕੇ ਪਿੰਡ ਦੇ ਪਤਵੰਤੇ ਸੱਜਣ ਅਤੇ ਪੰਚਾਇਤ ਮੈਂਬਰ ਹਾਜ਼ਰ ਸਨ। ਇਸ ਮੌਕੇ ਅਧਿਕਾਰੀਆਂ ਨੂੰ ਹਦਾਇਤ ਕੀਤੀ ਗਈ ਕਿ ਕੰਮ ਸਮੇਂ ਸਿਰ ਮੁਕੰਮਲ ਕੀਤੇ ਜਾਣ।
ਗੁਰਦੁਆਰਾ ਦਮਦਮਾ ਸਾਹਿਬ ਠੱਟਾ ਵਿਖੇ ਪਹੁੰਚਣ ਤੇ ਨਗਰ ਕੀਰਤਨ ਦਾ ਨਿੱਘਾ ਸਵਾਗਤ
ਥਾਂ-ਥਾਂ ਪਿੰਡਾਂ ਦੀਆਂ ਸੰਗਤਾਂ ਨੇ ਕੀਤਾ ਸਵਾਗਤ ਤੇ ਲਗਾਏ ਲੰਗਰ
ਸ੍ਰੀ ਮੁਕਤਸਰ ਸਾਹਿਬ, 4 ਅਗਸਤ (ਬਿਊਰੋ) ਪੰਜਾਬ ਸਰਕਾਰ ਦੇ ਕੈਬਨਿਟ ਮੰਤਰੀ ਨੇ ਹਲਕੇ ਦੇ ਪਿੰਡਾਂ ਵਿੱਚ ਵਿਕਾਸ ਕਾਰਜਾਂ ਦਾ ਉਦਘਾਟਨ ਕਰਦਿਆਂ ਕਿਹਾ ਕਿ ਸਰਕਾਰ ਪਿੰਡਾਂ ਅਤੇ ਸ਼ਹਿਰਾਂ ਦੇ ਸਰਬਪੱਖੀ ਵਿਕਾਸ ਲਈ ਵਚਨਬੱਧ ਹੈ। ਉਨ੍ਹਾਂ ਕਿਹਾ ਕਿ ਨੌਜਵਾਨਾਂ ਨੂੰ ਖੇਡਾਂ ਨਾਲ ਜੋੜਨ ਲਈ ਹਰ ਪਿੰਡ ਵਿੱਚ ਖੇਡ ਮੈਦਾਨ ਬਣਾਏ ਜਾ ਰਹੇ ਹਨ ਅਤੇ ਇਸ ਮੌਕੇ ਪਿੰਡ ਦੇ ਪਤਵੰਤੇ ਸੱਜਣ ਅਤੇ ਪੰਚਾਇਤ ਮੈਂਬਰ ਹਾਜ਼ਰ ਸਨ। ਇਸ ਮੌਕੇ ਅਧਿਕਾਰੀਆਂ ਨੂੰ ਹਦਾਇਤ ਕੀਤੀ ਗਈ ਕਿ ਕੰਮ ਸਮੇਂ ਸਿਰ ਮੁਕੰਮਲ ਕੀਤੇ ਜਾਣ।
ਸ੍ਰੀ ਮੁਕਤਸਰ ਸਾਹਿਬ, 4 ਅਗਸਤ (ਬਿਊਰੋ) ਪੰਜਾਬ ਸਰਕਾਰ ਦੇ ਕੈਬਨਿਟ ਮੰਤਰੀ ਨੇ ਹਲਕੇ ਦੇ ਪਿੰਡਾਂ ਵਿੱਚ ਵਿਕਾਸ ਕਾਰਜਾਂ ਦਾ ਉਦਘਾਟਨ ਕਰਦਿਆਂ ਕਿਹਾ ਕਿ ਸਰਕਾਰ ਪਿੰਡਾਂ ਅਤੇ ਸ਼ਹਿਰਾਂ ਦੇ ਸਰਬਪੱਖੀ ਵਿਕਾਸ ਲਈ ਵਚਨਬੱਧ ਹੈ। ਉਨ੍ਹਾਂ ਕਿਹਾ ਕਿ ਨੌਜਵਾਨਾਂ ਨੂੰ ਖੇਡਾਂ ਨਾਲ ਜੋੜਨ ਲਈ ਹਰ ਪਿੰਡ ਵਿੱਚ ਖੇਡ ਮੈਦਾਨ ਬਣਾਏ ਜਾ ਰਹੇ ਹਨ ਅਤੇ ਇਸ ਮੌਕੇ ਪਿੰਡ ਦੇ ਪਤਵੰਤੇ ਸੱਜਣ ਅਤੇ ਪੰਚਾਇਤ ਮੈਂਬਰ ਹਾਜ਼ਰ ਸਨ। ਇਸ ਮੌਕੇ ਅਧਿਕਾਰੀਆਂ ਨੂੰ ਹਦਾਇਤ ਕੀਤੀ ਗਈ ਕਿ ਕੰਮ ਸਮੇਂ ਸਿਰ ਮੁਕੰਮਲ ਕੀਤੇ ਜਾਣ।
ਸ੍ਰੀ ਮੁਕਤਸਰ ਸਾਹਿਬ, 4 ਅਗਸਤ (ਬਿਊਰੋ) ਪੰਜਾਬ ਸਰਕਾਰ ਦੇ ਕੈਬਨਿਟ ਮੰਤਰੀ ਨੇ ਹਲਕੇ ਦੇ ਪਿੰਡਾਂ ਵਿੱਚ ਵਿਕਾਸ ਕਾਰਜਾਂ ਦਾ ਉਦਘਾਟਨ ਕਰਦਿਆਂ ਕਿਹਾ ਕਿ ਸਰਕਾਰ ਪਿੰਡਾਂ ਅਤੇ ਸ਼ਹਿਰਾਂ ਦੇ ਸਰਬਪੱਖੀ ਵਿਕਾਸ ਲਈ ਵਚਨਬੱਧ ਹੈ। ਉਨ੍ਹਾਂ ਕਿਹਾ ਕਿ ਨੌਜਵਾਨਾਂ ਨੂੰ ਖੇਡਾਂ ਨਾਲ ਜੋੜਨ ਲਈ ਹਰ ਪਿੰਡ ਵਿੱਚ ਖੇਡ ਮੈਦਾਨ ਬਣਾਏ ਜਾ ਰਹੇ ਹਨ ਅਤੇ ਇਸ ਮੌਕੇ ਪਿੰਡ ਦੇ ਪਤਵੰਤੇ ਸੱਜਣ ਅਤੇ ਪੰਚਾਇਤ ਮੈਂਬਰ ਹਾਜ਼ਰ ਸਨ। ਇਸ ਮੌਕੇ ਅਧਿਕਾਰੀਆਂ ਨੂੰ ਹਦਾਇਤ ਕੀਤੀ ਗਈ ਕਿ ਕੰਮ ਸਮੇਂ ਸਿਰ ਮੁਕੰਮਲ ਕੀਤੇ ਜਾਣ।
ਆਮ ਆਦਮੀ ਪਾਰਟੀ ਦੇ ਲੀਡਰਾਂ ਨੇ ਕੀਤੀ ਸ਼ਮੂਲੀਅਤ ਪਾਰਟੀ ਤੇ ਹੋਈ ਮੀਟਿੰਗ
ਸ੍ਰੀ ਮੁਕਤਸਰ ਸਾਹਿਬ, 4 ਅਗਸਤ (ਬਿਊਰੋ) ਪੰਜਾਬ ਸਰਕਾਰ ਦੇ ਕੈਬਨਿਟ ਮੰਤਰੀ ਨੇ ਹਲਕੇ ਦੇ ਪਿੰਡਾਂ ਵਿੱਚ ਵਿਕਾਸ ਕਾਰਜਾਂ ਦਾ ਉਦਘਾਟਨ ਕਰਦਿਆਂ ਕਿਹਾ ਕਿ ਸਰਕਾਰ ਪਿੰਡਾਂ ਅਤੇ ਸ਼ਹਿਰਾਂ ਦੇ ਸਰਬਪੱਖੀ ਵਿਕਾਸ ਲਈ ਵਚਨਬੱਧ ਹੈ। ਉਨ੍ਹਾਂ ਕਿਹਾ ਕਿ ਨੌਜਵਾਨਾਂ ਨੂੰ ਖੇਡਾਂ ਨਾਲ ਜੋੜਨ ਲਈ ਹਰ ਪਿੰਡ ਵਿੱਚ ਖੇਡ ਮੈਦਾਨ ਬਣਾਏ ਜਾ ਰਹੇ ਹਨ ਅਤੇ ਇਸ ਮੌਕੇ ਪਿੰਡ ਦੇ ਪਤਵੰਤੇ ਸੱਜਣ ਅਤੇ ਪੰਚਾਇਤ ਮੈਂਬਰ ਹਾਜ਼ਰ ਸਨ। ਇਸ ਮੌਕੇ ਅਧਿਕਾਰੀਆਂ ਨੂੰ ਹਦਾਇਤ ਕੀਤੀ ਗਈ ਕਿ ਕੰਮ ਸਮੇਂ ਸਿਰ ਮੁਕੰਮਲ ਕੀਤੇ ਜਾਣ।
ਕਮਿਸ਼ਨਰੀ ਲੈਕਚਰਾਰ ਸ਼੍ਰੀ ਸੰਦੀਪ ਮਰਵਾਹਾ ਦੀ ਸੇਵਾ ਮੁਕਤੀ ਦੇ ਮੌਕੇ ਵਿਦਾਇਗੀ ਸਮਾਰੋਹ ਆਯੋਜਿਤ
ਸ੍ਰੀ ਮੁਕਤਸਰ ਸਾਹਿਬ, 4 ਅਗਸਤ (ਬਿਊਰੋ) ਪੰਜਾਬ ਸਰਕਾਰ ਦੇ ਕੈਬਨਿਟ ਮੰਤਰੀ ਨੇ ਹਲਕੇ ਦੇ ਪਿੰਡਾਂ ਵਿੱਚ ਵਿਕਾਸ ਕਾਰਜਾਂ ਦਾ ਉਦਘਾਟਨ ਕਰਦਿਆਂ ਕਿਹਾ ਕਿ ਸਰਕਾਰ ਪਿੰਡਾਂ ਅਤੇ ਸ਼ਹਿਰਾਂ ਦੇ ਸਰਬਪੱਖੀ ਵਿਕਾਸ ਲਈ ਵਚਨਬੱਧ ਹੈ। ਉਨ੍ਹਾਂ ਕਿਹਾ ਕਿ ਨੌਜਵਾਨਾਂ ਨੂੰ ਖੇਡਾਂ ਨਾਲ ਜੋੜਨ ਲਈ ਹਰ ਪਿੰਡ ਵਿੱਚ ਖੇਡ ਮੈਦਾਨ ਬਣਾਏ ਜਾ ਰਹੇ ਹਨ ਅਤੇ ਇਸ ਮੌਕੇ ਪਿੰਡ ਦੇ ਪਤਵੰਤੇ ਸੱਜਣ ਅਤੇ ਪੰਚਾਇਤ ਮੈਂਬਰ ਹਾਜ਼ਰ ਸਨ। ਇਸ ਮੌਕੇ ਅਧਿਕਾਰੀਆਂ ਨੂੰ ਹਦਾਇਤ ਕੀਤੀ ਗਈ ਕਿ ਕੰਮ ਸਮੇਂ ਸਿਰ ਮੁਕੰਮਲ ਕੀਤੇ ਜਾਣ।	ਸ੍ਰੀ ਮੁਕਤਸਰ ਸਾਹਿਬ, 4 ਅਗਸਤ (ਬਿਊਰੋ) ਪੰਜਾਬ ਸਰਕਾਰ ਦੇ ਕੈਬਨਿਟ ਮੰਤਰੀ ਨੇ ਹਲਕੇ ਦੇ ਪਿੰਡਾਂ ਵਿੱਚ ਵਿਕਾਸ ਕਾਰਜਾਂ ਦਾ ਉਦਘਾਟਨ ਕਰਦਿਆਂ ਕਿਹਾ ਕਿ ਸਰਕਾਰ ਪਿੰਡਾਂ ਅਤੇ ਸ਼ਹਿਰਾਂ ਦੇ ਸਰਬਪੱਖੀ ਵਿਕਾਸ ਲਈ ਵਚਨਬੱਧ ਹੈ। ਉਨ੍ਹਾਂ ਕਿਹਾ ਕਿ ਨੌਜਵਾਨਾਂ ਨੂੰ ਖੇਡਾਂ ਨਾਲ ਜੋੜਨ ਲਈ ਹਰ ਪਿੰਡ ਵਿੱਚ ਖੇਡ ਮੈਦਾਨ ਬਣਾਏ ਜਾ ਰਹੇ ਹਨ ਅਤੇ ਇਸ ਮੌਕੇ ਪਿੰਡ ਦੇ ਪਤਵੰਤੇ ਸੱਜਣ ਅਤੇ ਪੰਚਾਇਤ ਮੈਂਬਰ ਹਾਜ਼ਰ ਸਨ। ਇਸ ਮੌਕੇ ਅਧਿਕਾਰੀਆਂ ਨੂੰ ਹਦਾਇਤ ਕੀਤੀ ਗਈ ਕਿ ਕੰਮ ਸਮੇਂ ਸਿਰ ਮੁਕੰਮਲ ਕੀਤੇ
ਸ੍ਰੀ ਮੁਕਤਸਰ ਸਾਹਿਬ, 4 ਅਗਸਤ (ਬਿਊਰੋ) ਪੰਜਾਬ ਸਰਕਾਰ ਦੇ ਕੈਬਨਿਟ ਮੰਤਰੀ ਨੇ ਹਲਕੇ ਦੇ ਪਿੰਡਾਂ ਵਿੱਚ ਵਿਕਾਸ ਕਾਰਜਾਂ ਦਾ ਉਦਘਾਟਨ ਕਰਦਿਆਂ ਕਿਹਾ ਕਿ ਸਰਕਾਰ ਪਿੰਡਾਂ ਅਤੇ ਸ਼ਹਿਰਾਂ ਦੇ ਸਰਬਪੱਖੀ ਵਿਕਾਸ ਲਈ ਵਚਨਬੱਧ ਹੈ। ਉਨ੍ਹਾਂ ਕਿਹਾ ਕਿ ਨੌਜਵਾਨਾਂ ਨੂੰ ਖੇਡਾਂ ਨਾਲ ਜੋੜਨ ਲਈ ਹਰ ਪਿੰਡ ਵਿੱਚ ਖੇਡ ਮੈਦਾਨ ਬਣਾਏ ਜਾ ਰਹੇ ਹਨ ਅਤੇ ਇਸ ਮੌਕੇ ਪਿੰਡ ਦੇ ਪਤਵੰਤੇ ਸੱਜਣ ਅਤੇ ਪੰਚਾਇਤ ਮੈਂਬਰ ਹਾਜ਼ਰ ਸਨ। ਇਸ ਮੌਕੇ ਅਧਿਕਾਰੀਆਂ ਨੂੰ ਹਦਾਇਤ ਕੀਤੀ ਗਈ ਕਿ ਕੰਮ ਸਮੇਂ ਸਿਰ ਮੁਕੰਮਲ ਕੀਤੇ ਜਾਣ।
ਸ੍ਰੀ ਮੁਕਤਸਰ ਸਾਹਿਬ, 4 ਅਗਸਤ (ਬਿਊਰੋ) ਪੰਜਾਬ ਸਰਕਾਰ ਦੇ ਕੈਬਨਿਟ ਮੰਤਰੀ ਨੇ ਹਲਕੇ ਦੇ ਪਿੰਡਾਂ ਵਿੱਚ ਵਿਕਾਸ ਕਾਰਜਾਂ ਦਾ ਉਦਘਾਟਨ ਕਰਦਿਆਂ ਕਿਹਾ ਕਿ ਸਰਕਾਰ ਪਿੰਡਾਂ ਅਤੇ ਸ਼ਹਿਰਾਂ ਦੇ ਸਰਬਪੱਖੀ ਵਿਕਾਸ ਲਈ ਵਚਨਬੱਧ ਹੈ। ਉਨ੍ਹਾਂ ਕਿਹਾ ਕਿ ਨੌਜਵਾਨਾਂ ਨੂੰ ਖੇਡਾਂ ਨਾਲ ਜੋੜਨ ਲਈ ਹਰ ਪਿੰਡ ਵਿੱਚ ਖੇਡ ਮੈਦਾਨ ਬਣਾਏ ਜਾ ਰਹੇ ਹਨ ਅਤੇ ਇਸ ਮੌਕੇ ਪਿੰਡ ਦੇ ਪਤਵੰਤੇ ਸੱਜਣ ਅਤੇ ਪੰਚਾਇਤ ਮੈਂਬਰ ਹਾਜ਼ਰ ਸਨ। ਇਸ ਮੌਕੇ ਅਧਿਕਾਰੀਆਂ ਨੂੰ ਹਦਾਇਤ ਕੀਤੀ ਗਈ ਕਿ ਕੰਮ ਸਮੇਂ ਸਿਰ ਮੁਕੰਮਲ ਕੀਤੇ ਜਾਣ।
